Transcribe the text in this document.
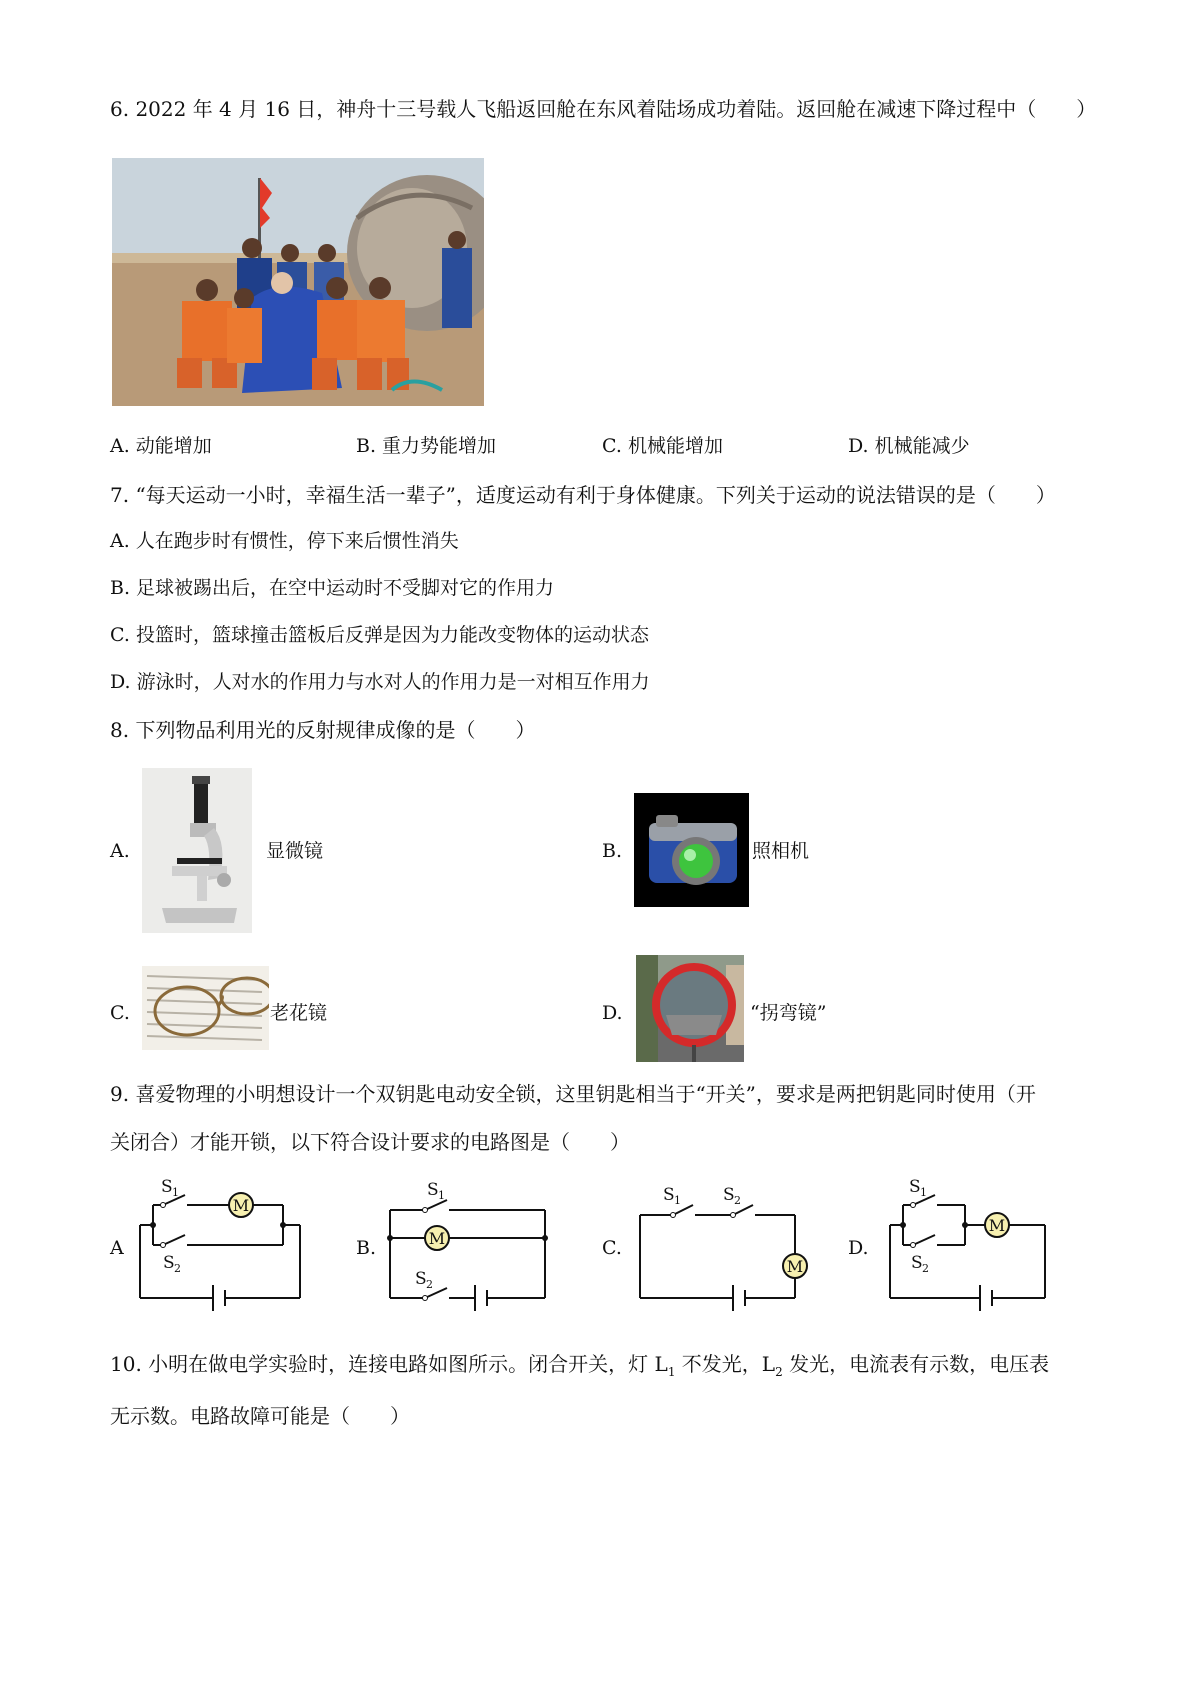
6. 2022 年 4 月 16 日，神舟十三号载人飞船返回舱在东风着陆场成功着陆。返回舱在减速下降过程中（　　）
A. 动能增加	B. 重力势能增加	C. 机械能增加	D. 机械能减少
7. “每天运动一小时，幸福生活一辈子”，适度运动有利于身体健康。下列关于运动的说法错误的是（　　）
A. 人在跑步时有惯性，停下来后惯性消失
B. 足球被踢出后，在空中运动时不受脚对它的作用力
C. 投篮时，篮球撞击篮板后反弹是因为力能改变物体的运动状态
D. 游泳时，人对水的作用力与水对人的作用力是一对相互作用力
8. 下列物品利用光的反射规律成像的是（　　）
A.	显微镜	B.	照相机
C.	老花镜	D.	“拐弯镜”
9. 喜爱物理的小明想设计一个双钥匙电动安全锁，这里钥匙相当于“开关”，要求是两把钥匙同时使用（开
关闭合）才能开锁，以下符合设计要求的电路图是（　　）
A
M
S 1
S 2
B.	M
S 1
S 2
C.
M
S 1 S 2
D.
M
S 1
S 2
10. 小明在做电学实验时，连接电路如图所示。闭合开关，灯 $L_1$ 不发光，$L_2$ 发光，电流表有示数，电压表
无示数。电路故障可能是（　　）
